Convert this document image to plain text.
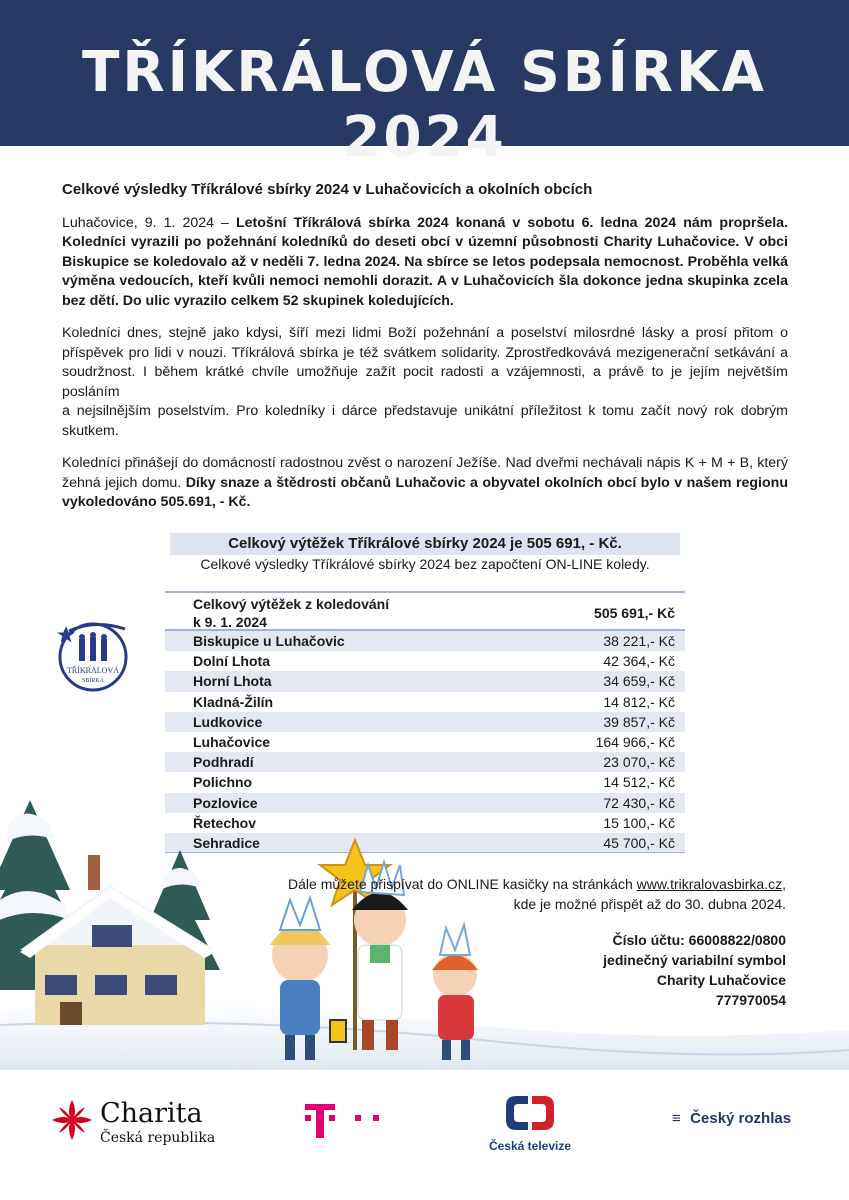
TŘÍKRÁLOVÁ SBÍRKA 2024
Celkové výsledky Tříkrálové sbírky 2024 v Luhačovicích a okolních obcích

Luhačovice, 9. 1. 2024 – Letošní Tříkrálová sbírka 2024 konaná v sobotu 6. ledna 2024 nám propršela. Koledníci vyrazili po požehnání koledníků do deseti obcí v územní působnosti Charity Luhačovice. V obci Biskupice se koledovalo až v neděli 7. ledna 2024. Na sbírce se letos podepsala nemocnost. Proběhla velká výměna vedoucích, kteří kvůli nemoci nemohli dorazit. A v Luhačovicích šla dokonce jedna skupinka zcela bez dětí. Do ulic vyrazilo celkem 52 skupinek koledujících.

Koledníci dnes, stejně jako kdysi, šíří mezi lidmi Boží požehnání a poselství milosrdné lásky a prosí přitom o příspěvek pro lidi v nouzi. Tříkrálová sbírka je též svátkem solidarity. Zprostředkovává mezigenerační setkávání a soudržnost. I během krátké chvíle umožňuje zažít pocit radosti a vzájemnosti, a právě to je jejím největším posláním

a nejsilnějším poselstvím. Pro koledníky i dárce představuje unikátní příležitost k tomu začít nový rok dobrým skutkem.

Koledníci přinášejí do domácností radostnou zvěst o narození Ježíše. Nad dveřmi nechávali nápis K + M + B, který žehná jejich domu. Díky snaze a štědrosti občanů Luhačovic a obyvatel okolních obcí bylo v našem regionu vykoledováno 505.691, - Kč.

Celkový výtěžek Tříkrálové sbírky 2024 je 505 691, - Kč.
Celkové výsledky Tříkrálové sbírky 2024 bez započtení ON-LINE koledy.
TŘÍKRÁLOVÁ
SBÍRKA
Celkový výtěžek z koledování
k 9. 1. 2024
505 691,- Kč
Biskupice u Luhačovic	38 221,- Kč
Dolní Lhota	42 364,- Kč
Horní Lhota	34 659,- Kč
Kladná-Žilín	14 812,- Kč
Ludkovice	39 857,- Kč
Luhačovice	164 966,- Kč
Podhradí	23 070,- Kč
Polichno	14 512,- Kč
Pozlovice	72 430,- Kč
Řetechov	15 100,- Kč
Sehradice	45 700,- Kč
Dále můžete přispívat do ONLINE kasičky na stránkách www.trikralovasbirka.cz,
kde je možné přispět až do 30. dubna 2024.
Číslo účtu: 66008822/0800
jedinečný variabilní symbol
Charity Luhačovice
777970054
Charita
Česká republika	Česká televize
≡ Český rozhlas
